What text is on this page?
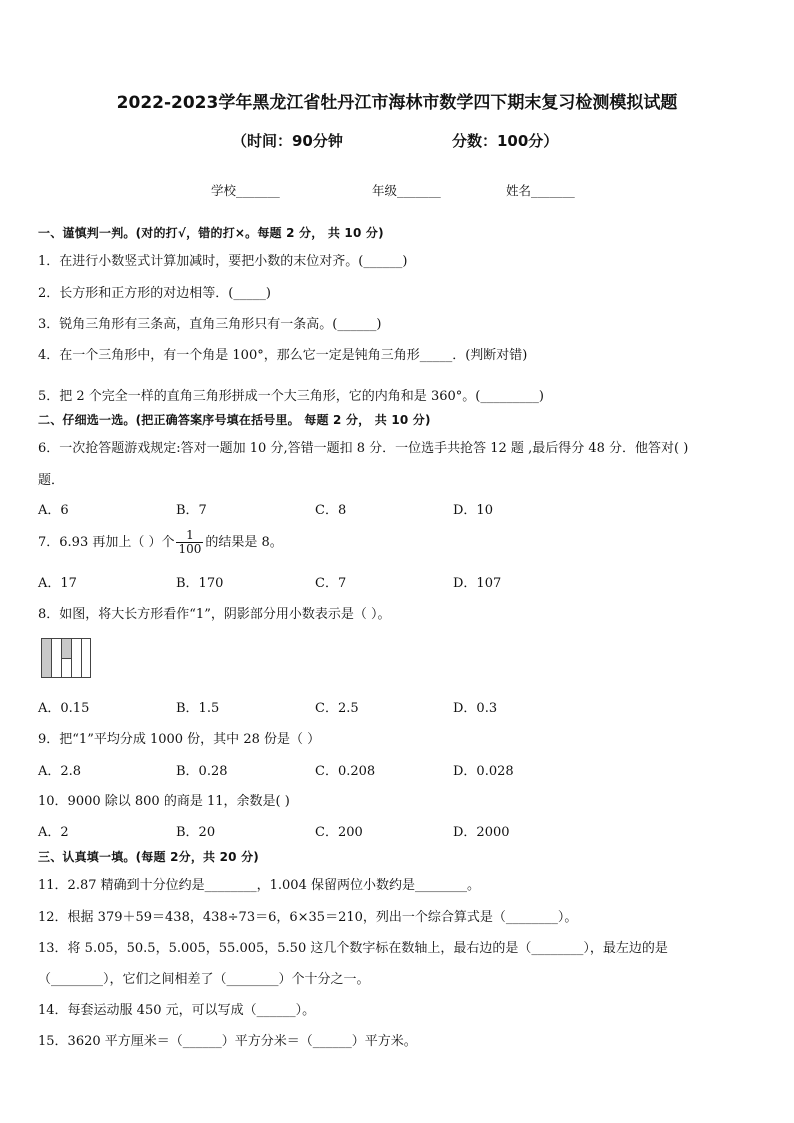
2022-2023学年黑龙江省牡丹江市海林市数学四下期末复习检测模拟试题
（时间：90分钟	分数：100分）
学校_______	年级_______	姓名_______
一、谨慎判一判。(对的打√，错的打×。每题 2 分， 共 10 分)
1．在进行小数竖式计算加减时，要把小数的末位对齐。(______)
2．长方形和正方形的对边相等．(_____)
3．锐角三角形有三条高，直角三角形只有一条高。(______)
4．在一个三角形中，有一个角是 100°，那么它一定是钝角三角形_____．(判断对错)
5．把 2 个完全一样的直角三角形拼成一个大三角形，它的内角和是 360°。(_________)
二、仔细选一选。(把正确答案序号填在括号里。 每题 2 分， 共 10 分)
6．一次抢答题游戏规定:答对一题加 10 分,答错一题扣 8 分．一位选手共抢答 12 题 ,最后得分 48 分．他答对( )
题．
A．6	B．7	C．8	D．10
7．6.93 再加上（ ）个 $\frac{1}{100}$ 的结果是 8。
A．17	B．170	C．7	D．107
8．如图，将大长方形看作“1”，阴影部分用小数表示是（ ）。
A．0.15	B．1.5	C．2.5	D．0.3
9．把“1”平均分成 1000 份，其中 28 份是（ ）
A．2.8	B．0.28	C．0.208	D．0.028
10．9000 除以 800 的商是 11，余数是( )
A．2	B．20	C．200	D．2000
三、认真填一填。(每题 2分，共 20 分)
11．2.87 精确到十分位约是________，1.004 保留两位小数约是________。
12．根据 379＋59＝438，438÷73＝6，6×35＝210，列出一个综合算式是（________）。
13．将 5.05，50.5，5.005，55.005，5.50 这几个数字标在数轴上，最右边的是（________），最左边的是
（________），它们之间相差了（________）个十分之一。
14．每套运动服 450 元，可以写成（______）。
15．3620 平方厘米＝（______）平方分米＝（______）平方米。
